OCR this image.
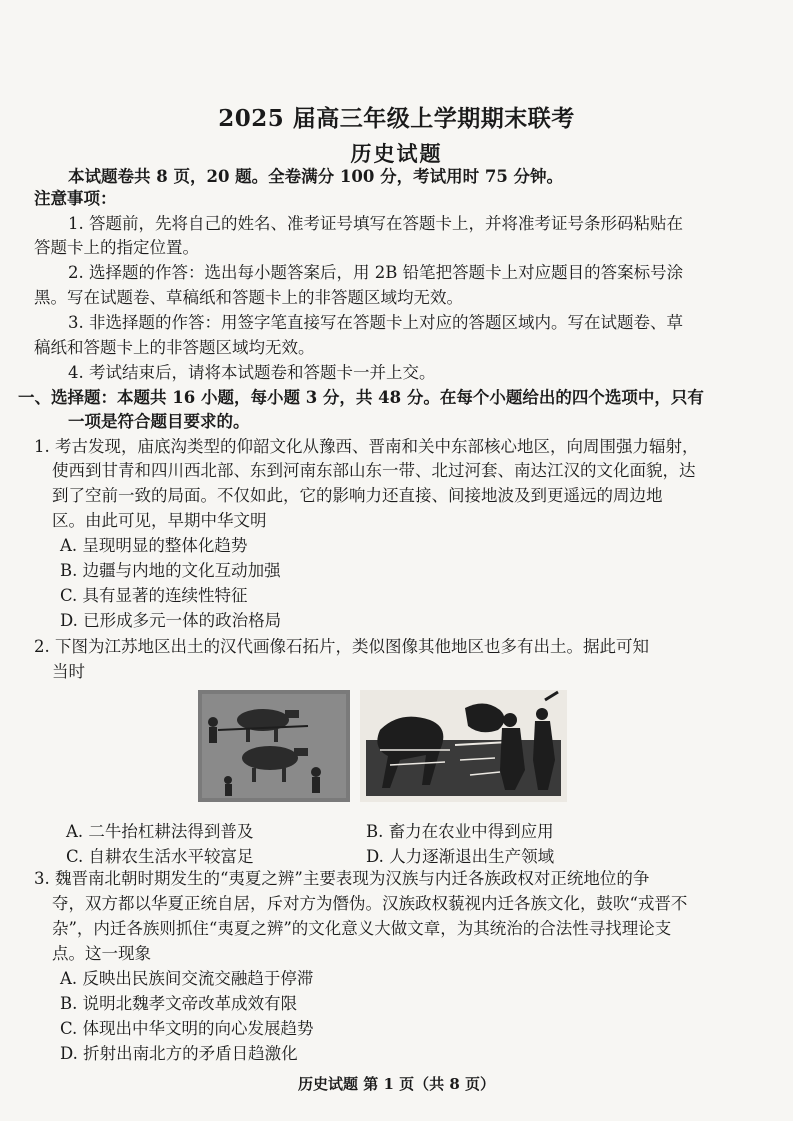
2025 届高三年级上学期期末联考
历史试题
本试题卷共 8 页，20 题。全卷满分 100 分，考试用时 75 分钟。
注意事项：
1. 答题前，先将自己的姓名、准考证号填写在答题卡上，并将准考证号条形码粘贴在
答题卡上的指定位置。
2. 选择题的作答：选出每小题答案后，用 2B 铅笔把答题卡上对应题目的答案标号涂
黑。写在试题卷、草稿纸和答题卡上的非答题区域均无效。
3. 非选择题的作答：用签字笔直接写在答题卡上对应的答题区域内。写在试题卷、草
稿纸和答题卡上的非答题区域均无效。
4. 考试结束后，请将本试题卷和答题卡一并上交。
一、选择题：本题共 16 小题，每小题 3 分，共 48 分。在每个小题给出的四个选项中，只有
一项是符合题目要求的。
1. 考古发现，庙底沟类型的仰韶文化从豫西、晋南和关中东部核心地区，向周围强力辐射，
使西到甘青和四川西北部、东到河南东部山东一带、北过河套、南达江汉的文化面貌，达
到了空前一致的局面。不仅如此，它的影响力还直接、间接地波及到更遥远的周边地
区。由此可见，早期中华文明
A. 呈现明显的整体化趋势
B. 边疆与内地的文化互动加强
C. 具有显著的连续性特征
D. 已形成多元一体的政治格局
2. 下图为江苏地区出土的汉代画像石拓片，类似图像其他地区也多有出土。据此可知
当时
A. 二牛抬杠耕法得到普及	B. 畜力在农业中得到应用
C. 自耕农生活水平较富足	D. 人力逐渐退出生产领域
3. 魏晋南北朝时期发生的“夷夏之辨”主要表现为汉族与内迁各族政权对正统地位的争
夺，双方都以华夏正统自居，斥对方为僭伪。汉族政权藐视内迁各族文化，鼓吹“戎晋不
杂”，内迁各族则抓住“夷夏之辨”的文化意义大做文章，为其统治的合法性寻找理论支
点。这一现象
A. 反映出民族间交流交融趋于停滞
B. 说明北魏孝文帝改革成效有限
C. 体现出中华文明的向心发展趋势
D. 折射出南北方的矛盾日趋激化
历史试题 第 1 页（共 8 页）
